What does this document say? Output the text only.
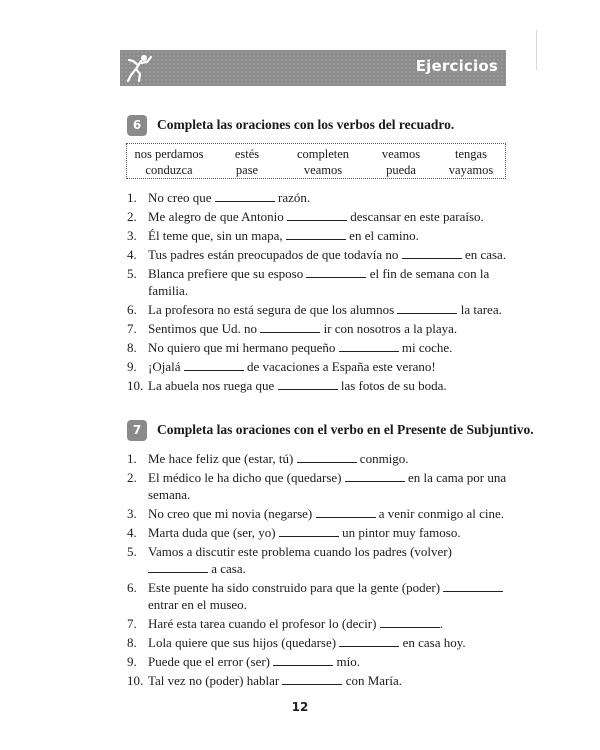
Ejercicios
6	Completa las oraciones con los verbos del recuadro.
nos perdamos	estés	completen	veamos	tengas
conduzca	pase	veamos	pueda	vayamos
1. No creo que	razón.
2. Me alegro de que Antonio	descansar en este paraíso.
3. Él teme que, sin un mapa,	en el camino.
4. Tus padres están preocupados de que todavía no	en casa.
5. Blanca prefiere que su esposo	el fin de semana con la familia.
6. La profesora no está segura de que los alumnos	la tarea.
7. Sentimos que Ud. no	ir con nosotros a la playa.
8. No quiero que mi hermano pequeño	mi coche.
9. ¡Ojalá	de vacaciones a España este verano!
10. La abuela nos ruega que	las fotos de su boda.
7	Completa las oraciones con el verbo en el Presente de Subjuntivo.
1. Me hace feliz que (estar, tú)	conmigo.
2. El médico le ha dicho que (quedarse)	en la cama por una semana.
3. No creo que mi novia (negarse)	a venir conmigo al cine.
4. Marta duda que (ser, yo)	un pintor muy famoso.
5. Vamos a discutir este problema cuando los padres (volver)  a casa.
6. Este puente ha sido construido para que la gente (poder)  entrar en el museo.
7. Haré esta tarea cuando el profesor lo (decir)	.
8. Lola quiere que sus hijos (quedarse)	en casa hoy.
9. Puede que el error (ser)	mío.
10. Tal vez no (poder) hablar	con María.
12
